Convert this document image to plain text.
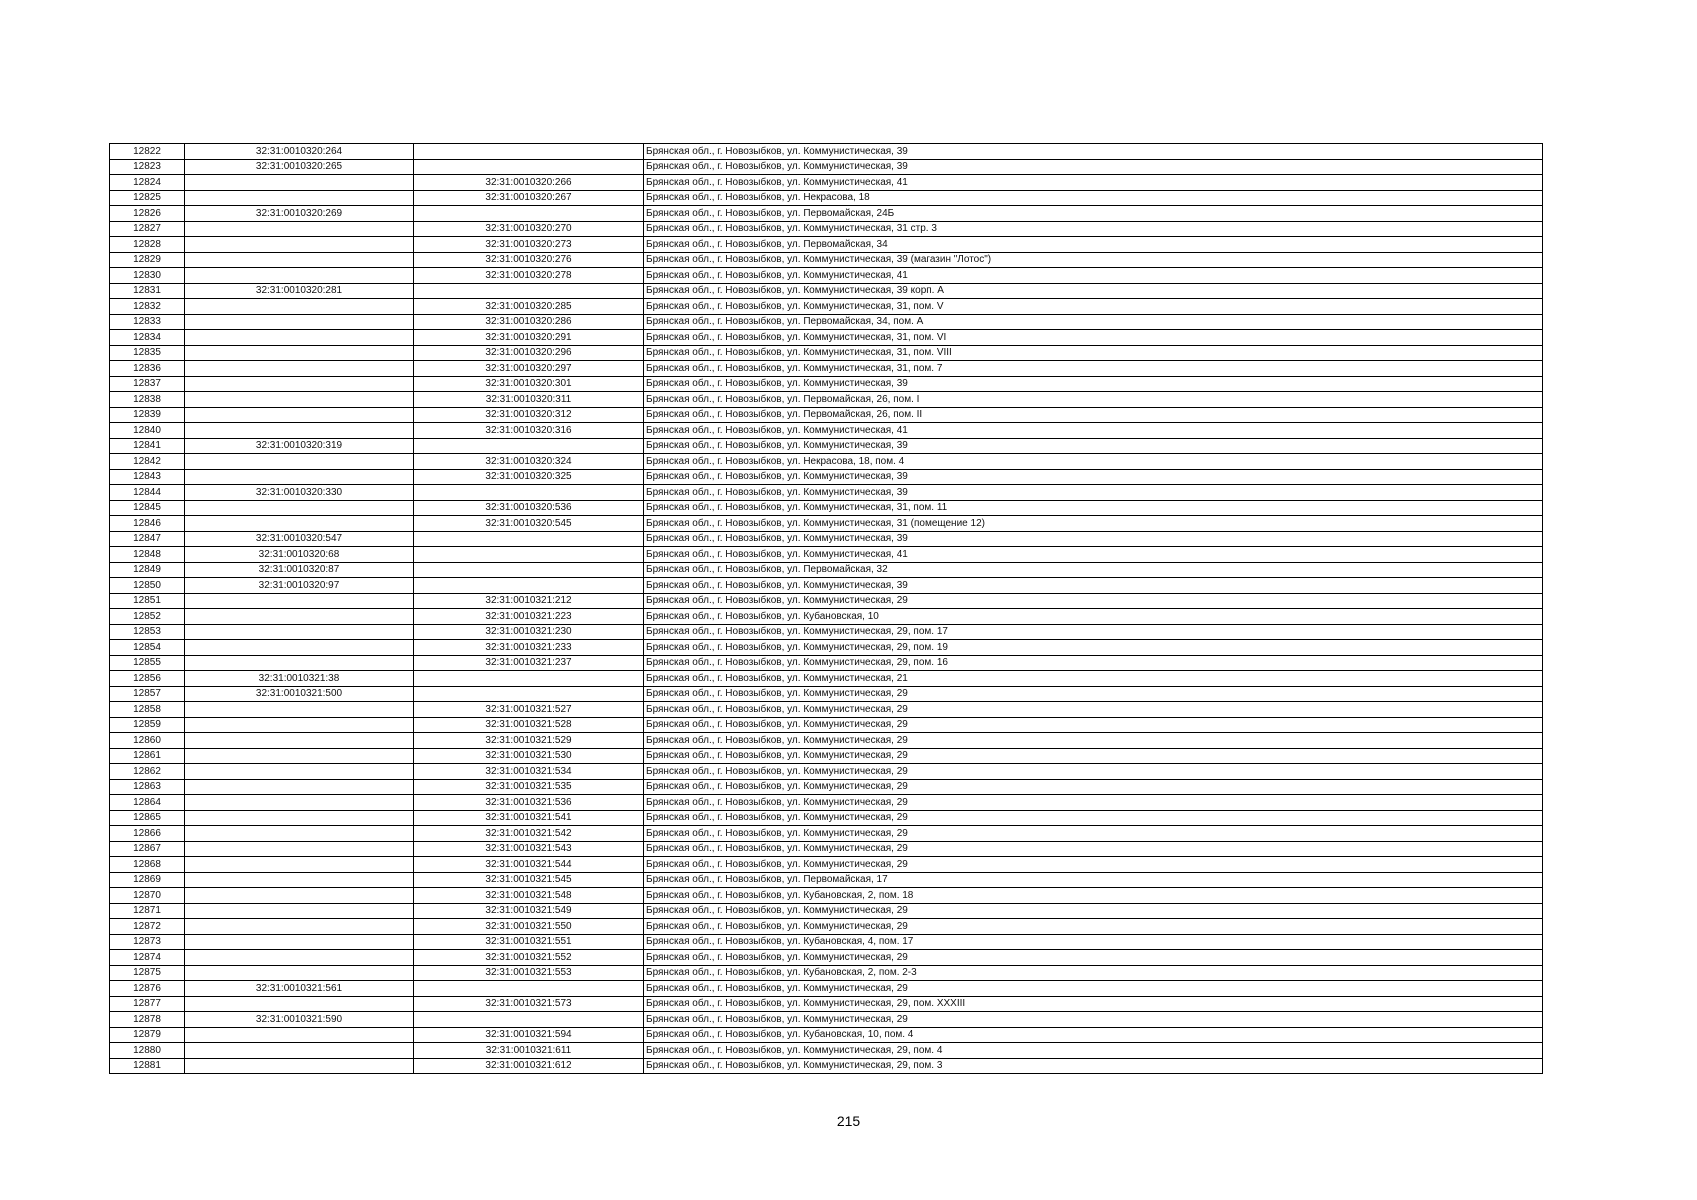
12822	32:31:0010320:264		Брянская обл., г. Новозыбков, ул. Коммунистическая, 39
12823	32:31:0010320:265		Брянская обл., г. Новозыбков, ул. Коммунистическая, 39
12824		32:31:0010320:266	Брянская обл., г. Новозыбков, ул. Коммунистическая, 41
12825		32:31:0010320:267	Брянская обл., г. Новозыбков, ул. Некрасова, 18
12826	32:31:0010320:269		Брянская обл., г. Новозыбков, ул. Первомайская, 24Б
12827		32:31:0010320:270	Брянская обл., г. Новозыбков, ул. Коммунистическая, 31 стр. 3
12828		32:31:0010320:273	Брянская обл., г. Новозыбков, ул. Первомайская, 34
12829		32:31:0010320:276	Брянская обл., г. Новозыбков, ул. Коммунистическая, 39 (магазин "Лотос")
12830		32:31:0010320:278	Брянская обл., г. Новозыбков, ул. Коммунистическая, 41
12831	32:31:0010320:281		Брянская обл., г. Новозыбков, ул. Коммунистическая, 39 корп. А
12832		32:31:0010320:285	Брянская обл., г. Новозыбков, ул. Коммунистическая, 31, пом. V
12833		32:31:0010320:286	Брянская обл., г. Новозыбков, ул. Первомайская, 34, пом. А
12834		32:31:0010320:291	Брянская обл., г. Новозыбков, ул. Коммунистическая, 31, пом. VI
12835		32:31:0010320:296	Брянская обл., г. Новозыбков, ул. Коммунистическая, 31, пом. VIII
12836		32:31:0010320:297	Брянская обл., г. Новозыбков, ул. Коммунистическая, 31, пом. 7
12837		32:31:0010320:301	Брянская обл., г. Новозыбков, ул. Коммунистическая, 39
12838		32:31:0010320:311	Брянская обл., г. Новозыбков, ул. Первомайская, 26, пом. I
12839		32:31:0010320:312	Брянская обл., г. Новозыбков, ул. Первомайская, 26, пом. II
12840		32:31:0010320:316	Брянская обл., г. Новозыбков, ул. Коммунистическая, 41
12841	32:31:0010320:319		Брянская обл., г. Новозыбков, ул. Коммунистическая, 39
12842		32:31:0010320:324	Брянская обл., г. Новозыбков, ул. Некрасова, 18, пом. 4
12843		32:31:0010320:325	Брянская обл., г. Новозыбков, ул. Коммунистическая, 39
12844	32:31:0010320:330		Брянская обл., г. Новозыбков, ул. Коммунистическая, 39
12845		32:31:0010320:536	Брянская обл., г. Новозыбков, ул. Коммунистическая, 31, пом. 11
12846		32:31:0010320:545	Брянская обл., г. Новозыбков, ул. Коммунистическая, 31 (помещение 12)
12847	32:31:0010320:547		Брянская обл., г. Новозыбков, ул. Коммунистическая, 39
12848	32:31:0010320:68		Брянская обл., г. Новозыбков, ул. Коммунистическая, 41
12849	32:31:0010320:87		Брянская обл., г. Новозыбков, ул. Первомайская, 32
12850	32:31:0010320:97		Брянская обл., г. Новозыбков, ул. Коммунистическая, 39
12851		32:31:0010321:212	Брянская обл., г. Новозыбков, ул. Коммунистическая, 29
12852		32:31:0010321:223	Брянская обл., г. Новозыбков, ул. Кубановская, 10
12853		32:31:0010321:230	Брянская обл., г. Новозыбков, ул. Коммунистическая, 29, пом. 17
12854		32:31:0010321:233	Брянская обл., г. Новозыбков, ул. Коммунистическая, 29, пом. 19
12855		32:31:0010321:237	Брянская обл., г. Новозыбков, ул. Коммунистическая, 29, пом. 16
12856	32:31:0010321:38		Брянская обл., г. Новозыбков, ул. Коммунистическая, 21
12857	32:31:0010321:500		Брянская обл., г. Новозыбков, ул. Коммунистическая, 29
12858		32:31:0010321:527	Брянская обл., г. Новозыбков, ул. Коммунистическая, 29
12859		32:31:0010321:528	Брянская обл., г. Новозыбков, ул. Коммунистическая, 29
12860		32:31:0010321:529	Брянская обл., г. Новозыбков, ул. Коммунистическая, 29
12861		32:31:0010321:530	Брянская обл., г. Новозыбков, ул. Коммунистическая, 29
12862		32:31:0010321:534	Брянская обл., г. Новозыбков, ул. Коммунистическая, 29
12863		32:31:0010321:535	Брянская обл., г. Новозыбков, ул. Коммунистическая, 29
12864		32:31:0010321:536	Брянская обл., г. Новозыбков, ул. Коммунистическая, 29
12865		32:31:0010321:541	Брянская обл., г. Новозыбков, ул. Коммунистическая, 29
12866		32:31:0010321:542	Брянская обл., г. Новозыбков, ул. Коммунистическая, 29
12867		32:31:0010321:543	Брянская обл., г. Новозыбков, ул. Коммунистическая, 29
12868		32:31:0010321:544	Брянская обл., г. Новозыбков, ул. Коммунистическая, 29
12869		32:31:0010321:545	Брянская обл., г. Новозыбков, ул. Первомайская, 17
12870		32:31:0010321:548	Брянская обл., г. Новозыбков, ул. Кубановская, 2, пом. 18
12871		32:31:0010321:549	Брянская обл., г. Новозыбков, ул. Коммунистическая, 29
12872		32:31:0010321:550	Брянская обл., г. Новозыбков, ул. Коммунистическая, 29
12873		32:31:0010321:551	Брянская обл., г. Новозыбков, ул. Кубановская, 4, пом. 17
12874		32:31:0010321:552	Брянская обл., г. Новозыбков, ул. Коммунистическая, 29
12875		32:31:0010321:553	Брянская обл., г. Новозыбков, ул. Кубановская, 2, пом. 2-3
12876	32:31:0010321:561		Брянская обл., г. Новозыбков, ул. Коммунистическая, 29
12877		32:31:0010321:573	Брянская обл., г. Новозыбков, ул. Коммунистическая, 29, пом. XXXIII
12878	32:31:0010321:590		Брянская обл., г. Новозыбков, ул. Коммунистическая, 29
12879		32:31:0010321:594	Брянская обл., г. Новозыбков, ул. Кубановская, 10, пом. 4
12880		32:31:0010321:611	Брянская обл., г. Новозыбков, ул. Коммунистическая, 29, пом. 4
12881		32:31:0010321:612	Брянская обл., г. Новозыбков, ул. Коммунистическая, 29, пом. 3
215
